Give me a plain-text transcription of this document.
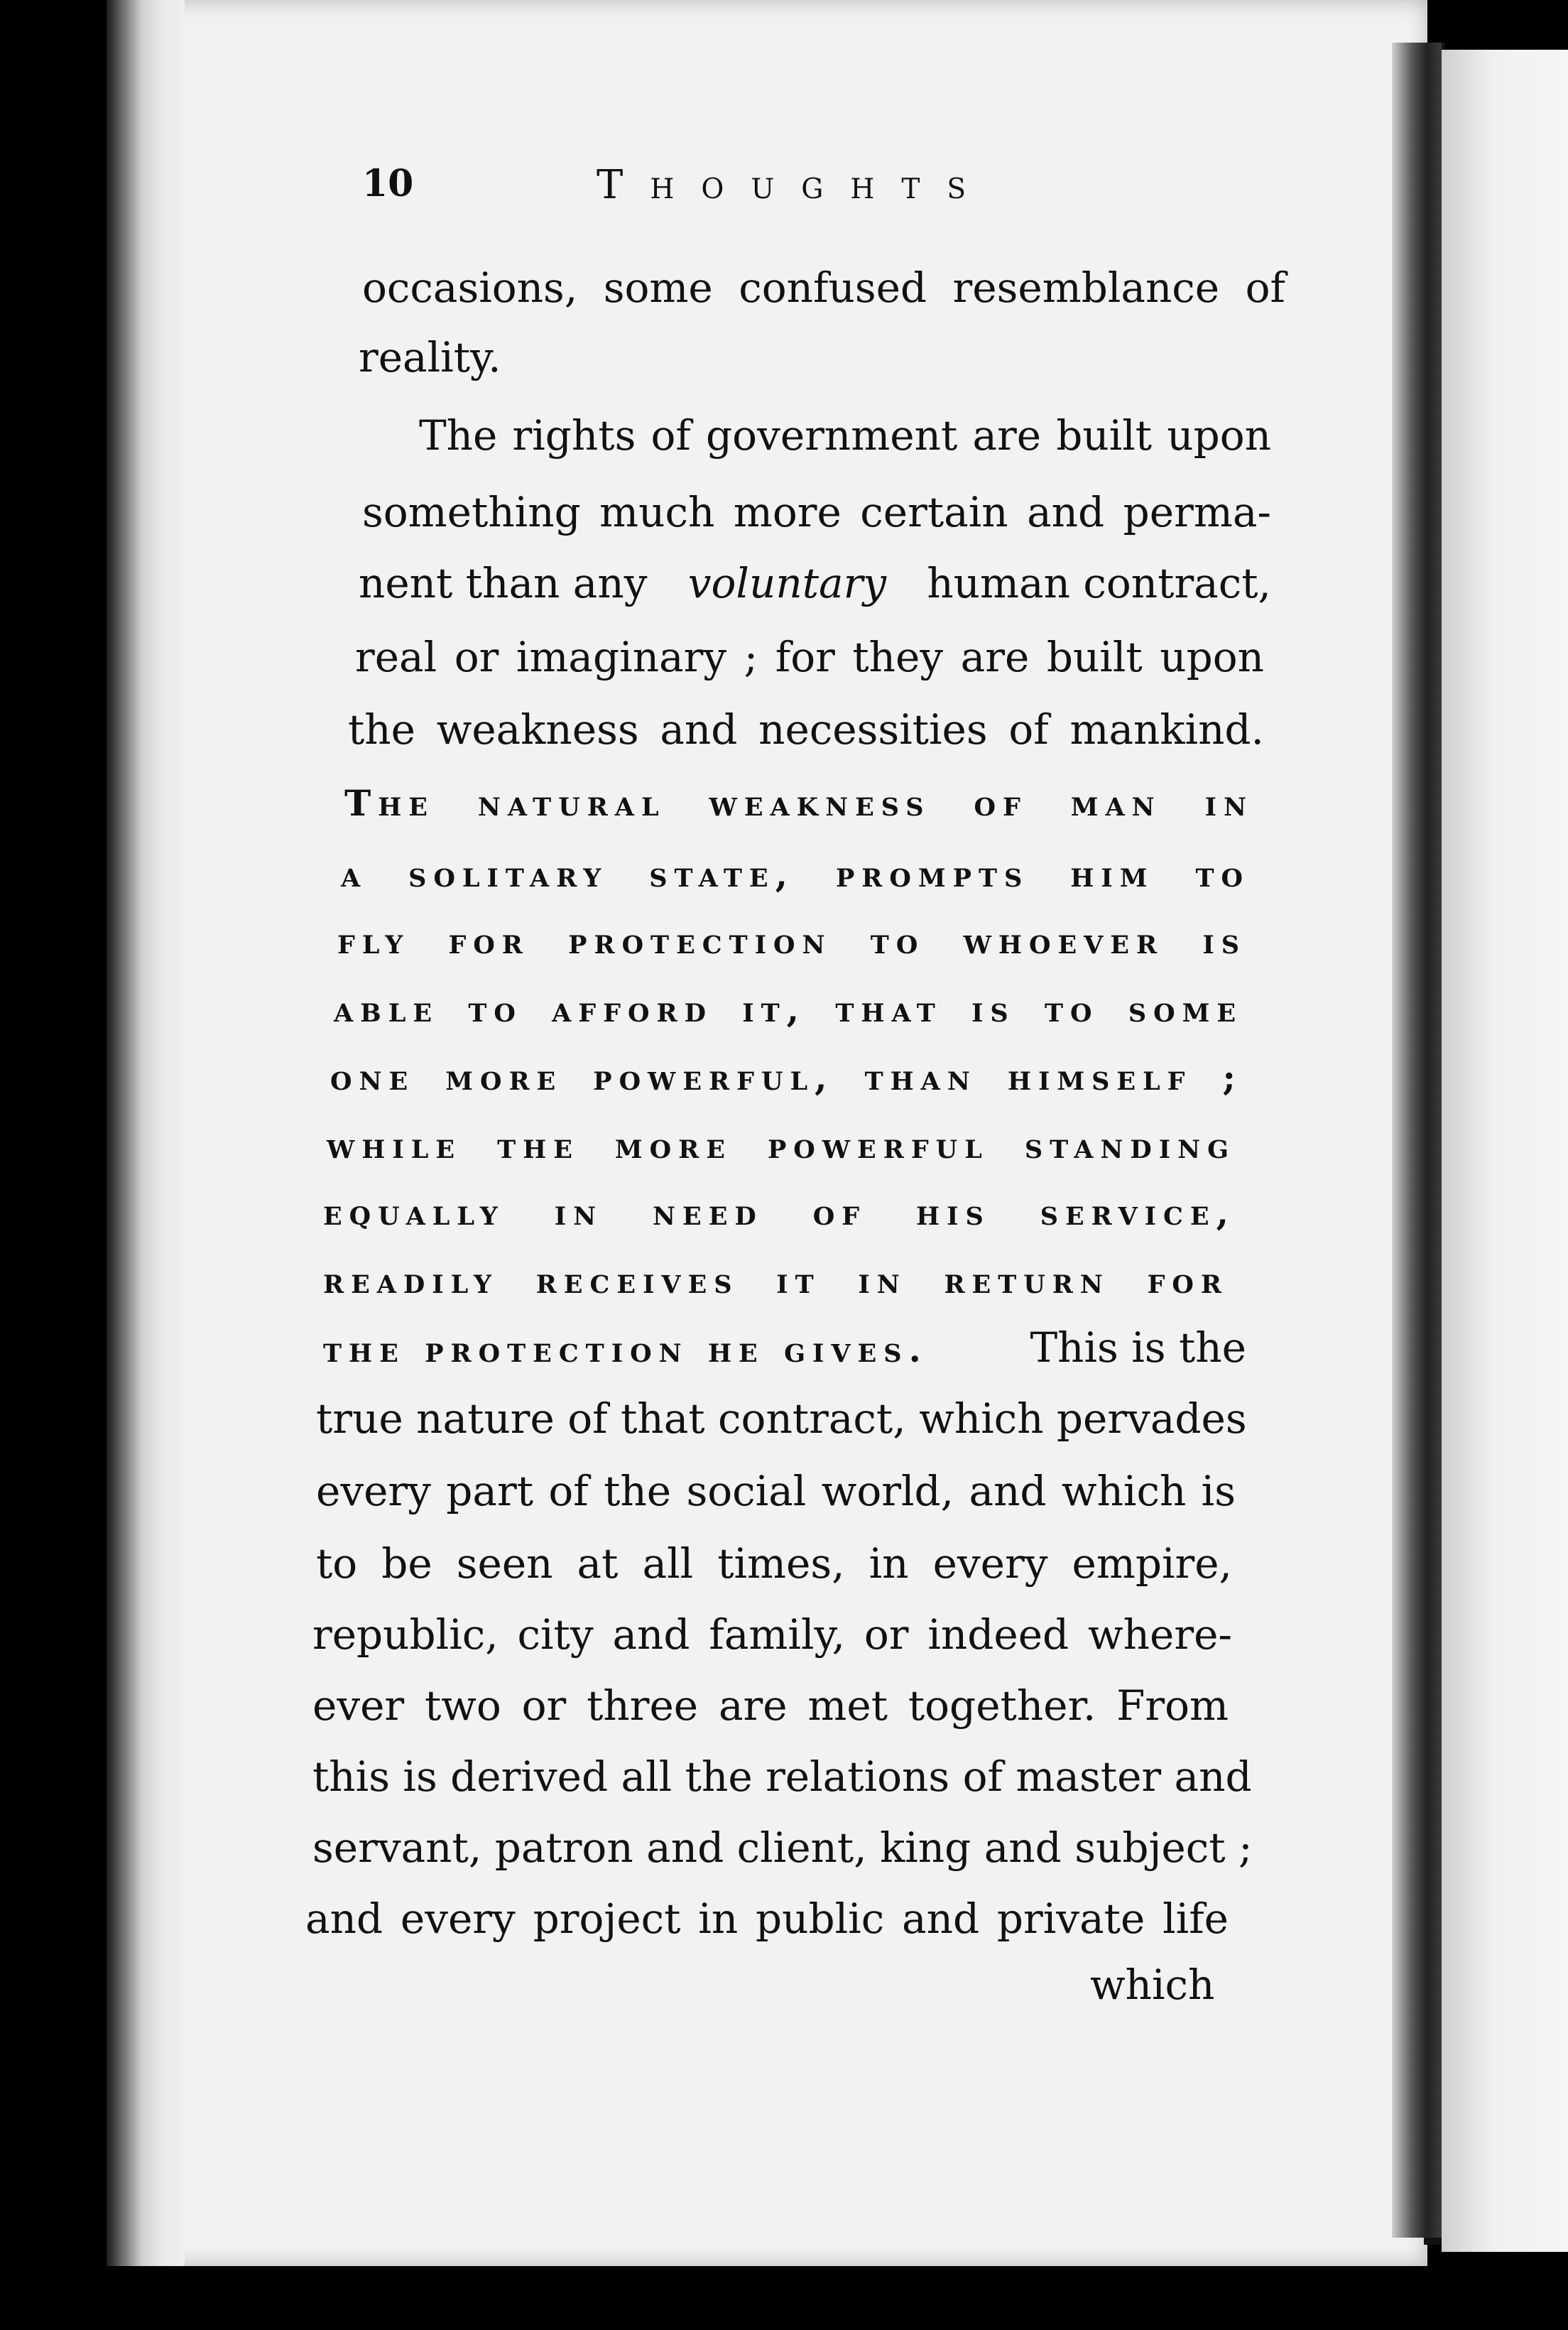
10	Thoughts
occasions, some confused resemblance of
reality.
The rights of government are built upon
something much more certain and perma-
nent than any voluntary human contract,
real or imaginary ; for they are built upon
the weakness and necessities of mankind.
The natural weakness of man in
a solitary state, prompts him to
fly for protection to whoever is
able to afford it, that is to some
one more powerful, than himself ;
while the more powerful standing
equally in need of his service,
readily receives it in return for
the protection he gives. This is the
true nature of that contract, which pervades
every part of the social world, and which is
to be seen at all times, in every empire,
republic, city and family, or indeed where-
ever two or three are met together. From
this is derived all the relations of master and
servant, patron and client, king and subject ;
and every project in public and private life
which
